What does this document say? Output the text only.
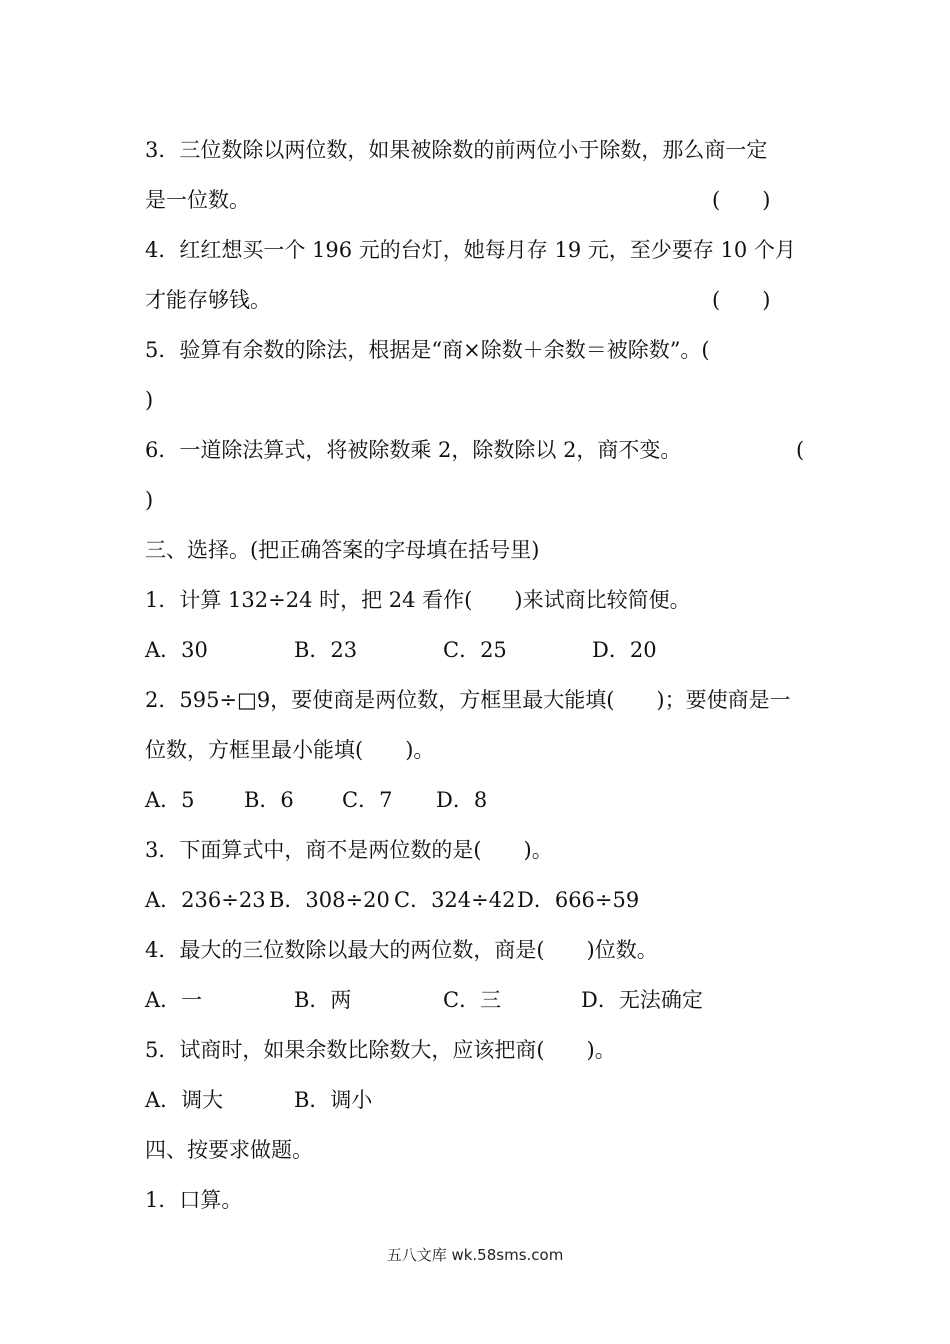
3．三位数除以两位数，如果被除数的前两位小于除数，那么商一定
是一位数。	(　　)
4．红红想买一个 196 元的台灯，她每月存 19 元，至少要存 10 个月
才能存够钱。	(　　)
5．验算有余数的除法，根据是“商×除数＋余数＝被除数”。(
)
6．一道除法算式，将被除数乘 2，除数除以 2，商不变。	(
)
三、选择。(把正确答案的字母填在括号里)
1．计算 132÷24 时，把 24 看作(　　)来试商比较简便。
A．30	B．23	C．25	D．20
2．595÷□9，要使商是两位数，方框里最大能填(　　)；要使商是一
位数，方框里最小能填(　　)。
A．5 B．6 C．7 D．8
3．下面算式中，商不是两位数的是(　　)。
A．236÷23 B．308÷20 C．324÷42 D．666÷59
4．最大的三位数除以最大的两位数，商是(　　)位数。
A．一	B．两	C．三	D．无法确定
5．试商时，如果余数比除数大，应该把商(　　)。
A．调大	B．调小
四、按要求做题。
1．口算。
五八文库 wk.58sms.com
